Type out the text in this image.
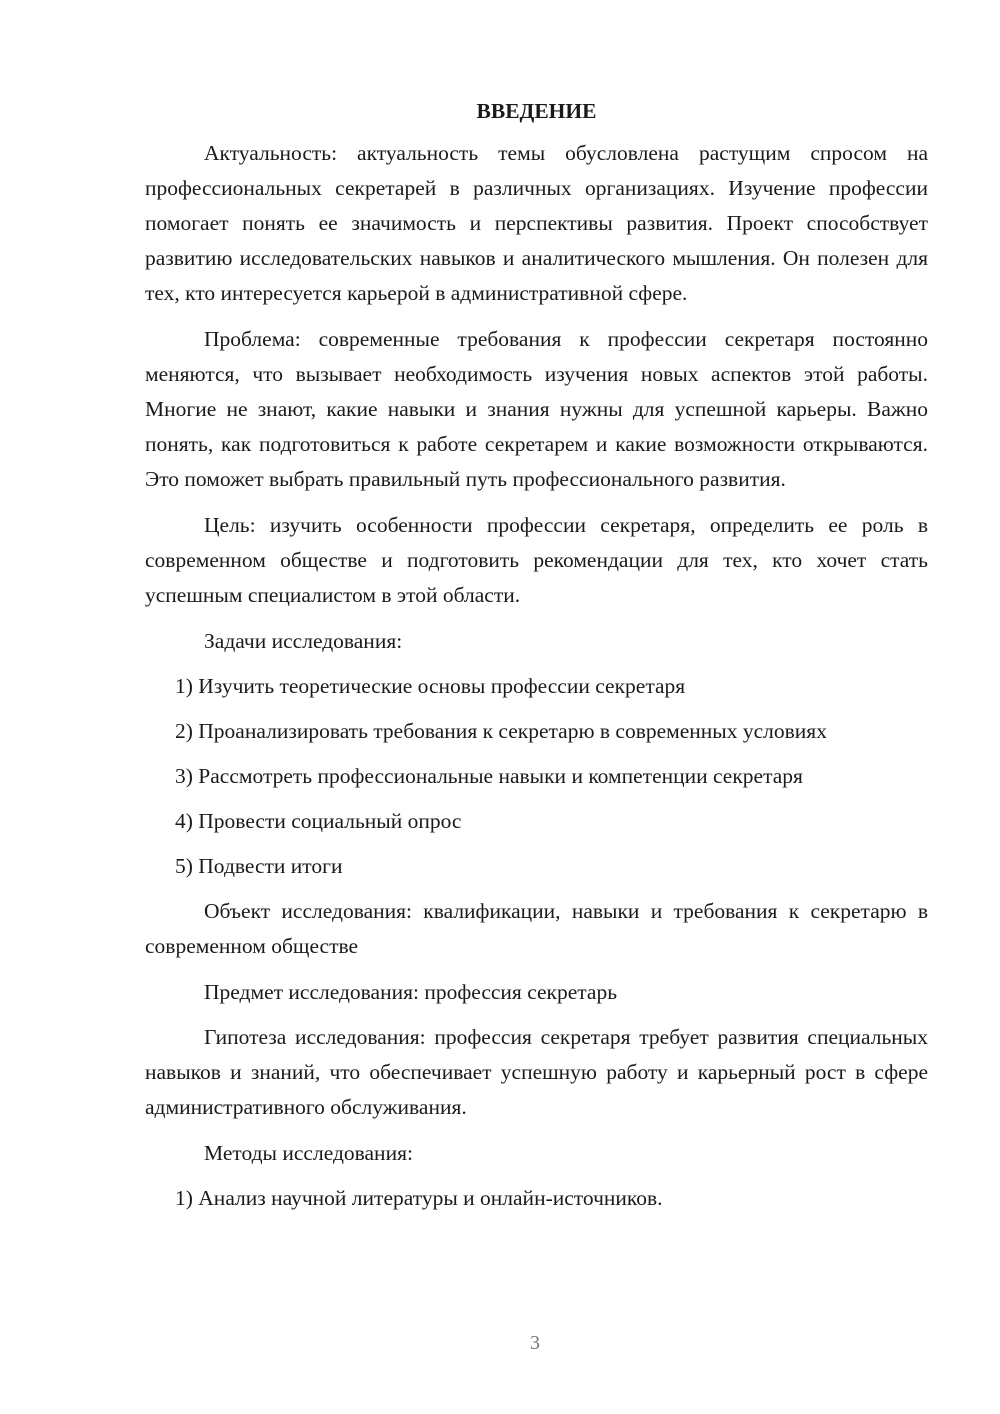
ВВЕДЕНИЕ

Актуальность: актуальность темы обусловлена растущим спросом на профессиональных секретарей в различных организациях. Изучение профессии помогает понять ее значимость и перспективы развития. Проект способствует развитию исследовательских навыков и аналитического мышления. Он полезен для тех, кто интересуется карьерой в административной сфере.

Проблема: современные требования к профессии секретаря постоянно меняются, что вызывает необходимость изучения новых аспектов этой работы. Многие не знают, какие навыки и знания нужны для успешной карьеры. Важно понять, как подготовиться к работе секретарем и какие возможности открываются. Это поможет выбрать правильный путь профессионального развития.

Цель: изучить особенности профессии секретаря, определить ее роль в современном обществе и подготовить рекомендации для тех, кто хочет стать успешным специалистом в этой области.

Задачи исследования:

1) Изучить теоретические основы профессии секретаря

2) Проанализировать требования к секретарю в современных условиях

3) Рассмотреть профессиональные навыки и компетенции секретаря

4) Провести социальный опрос

5) Подвести итоги

Объект исследования: квалификации, навыки и требования к секретарю в современном обществе

Предмет исследования: профессия секретарь

Гипотеза исследования: профессия секретаря требует развития специальных навыков и знаний, что обеспечивает успешную работу и карьерный рост в сфере административного обслуживания.

Методы исследования:

1) Анализ научной литературы и онлайн-источников.

3
